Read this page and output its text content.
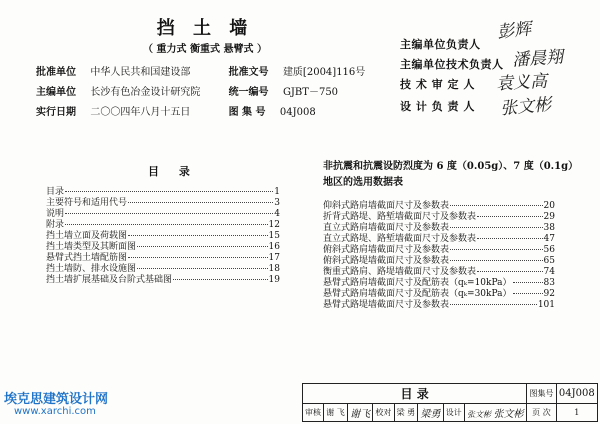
挡 土 墙
（ 重力式 衡重式 悬臂式 ）
批准单位 中华人民共和国建设部	批准文号 建质[2004]116号
主编单位 长沙有色冶金设计研究院	统一编号 GJBT－750
实行日期 二〇〇四年八月十五日	图 集 号 04J008
主编单位负责人
彭辉
主编单位技术负责人 潘晨翔
技 术 审 定 人 袁义高
设 计 负 责 人 张文彬
目 录
目录	1
主要符号和适用代号	3
说明	4
附录	12
挡土墙立面及荷载图	15
挡土墙类型及其断面图	16
悬臂式挡土墙配筋图	17
挡土墙防、排水设施图	18
挡土墙扩展基础及台阶式基础图	19
非抗震和抗震设防烈度为 6 度（0.05g）、7 度（0.1g）
地区的选用数据表
仰斜式路肩墙截面尺寸及参数表	20
折背式路堤、路堑墙截面尺寸及参数表	29
直立式路肩墙截面尺寸及参数表	38
直立式路堤、路堑墙截面尺寸及参数表	47
俯斜式路肩墙截面尺寸及参数表	56
俯斜式路堤墙截面尺寸及参数表	65
衡重式路肩、路堤墙截面尺寸及参数表	74
悬臂式路肩墙截面尺寸及配筋表（qₖ=10kPa）	83
悬臂式路肩墙截面尺寸及配筋表（qₖ=30kPa）	92
悬臂式路堤墙截面尺寸及参数表	101
目 录								图集号	04J008
审核	谢 飞	谢飞	校对	梁 勇	梁勇	设计	张文彬 张文彬	页 次	1
埃克思建筑设计网
www.xarchi.com
